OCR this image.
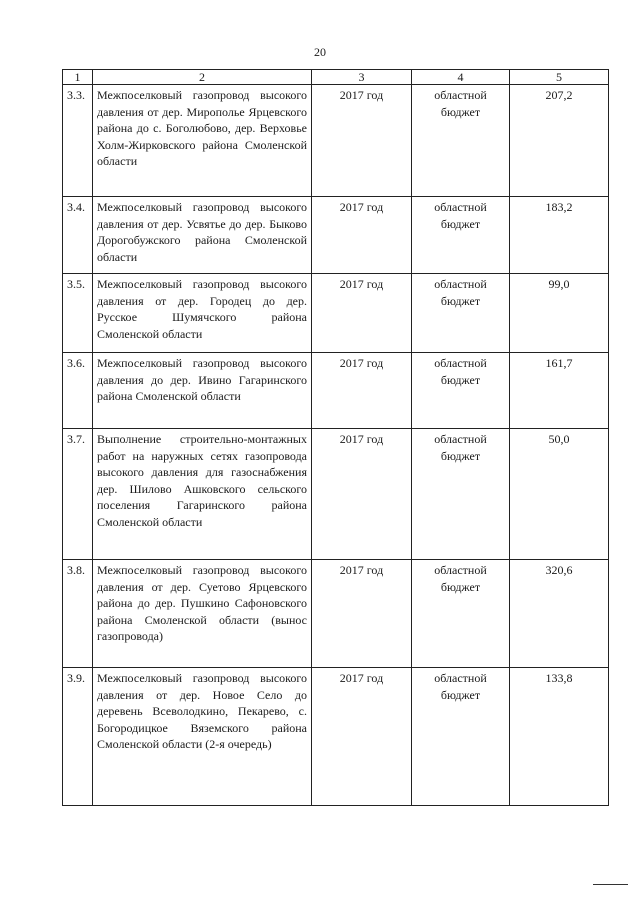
20
1	2	3	4	5
3.3.	Межпоселковый газопровод высокого давления от дер. Мирополье Ярцевского района до с. Боголюбово, дер. Верховье Холм-Жирковского района Смоленской области	2017 год	областной бюджет	207,2
3.4.	Межпоселковый газопровод высокого давления от дер. Усвятье до дер. Быково Дорогобужского района Смоленской области	2017 год	областной бюджет	183,2
3.5.	Межпоселковый газопровод высокого давления от дер. Городец до дер. Русское Шумячского района Смоленской области	2017 год	областной бюджет	99,0
3.6.	Межпоселковый газопровод высокого давления до дер. Ивино Гагаринского района Смоленской области	2017 год	областной бюджет	161,7
3.7.	Выполнение строительно-монтажных работ на наружных сетях газопровода высокого давления для газоснабжения дер. Шилово Ашковского сельского поселения Гагаринского района Смоленской области	2017 год	областной бюджет	50,0
3.8.	Межпоселковый газопровод высокого давления от дер. Суетово Ярцевского района до дер. Пушкино Сафоновского района Смоленской области (вынос газопровода)	2017 год	областной бюджет	320,6
3.9.	Межпоселковый газопровод высокого давления от дер. Новое Село до деревень Всеволодкино, Пекарево, с. Богородицкое Вяземского района Смоленской области (2-я очередь)	2017 год	областной бюджет	133,8
